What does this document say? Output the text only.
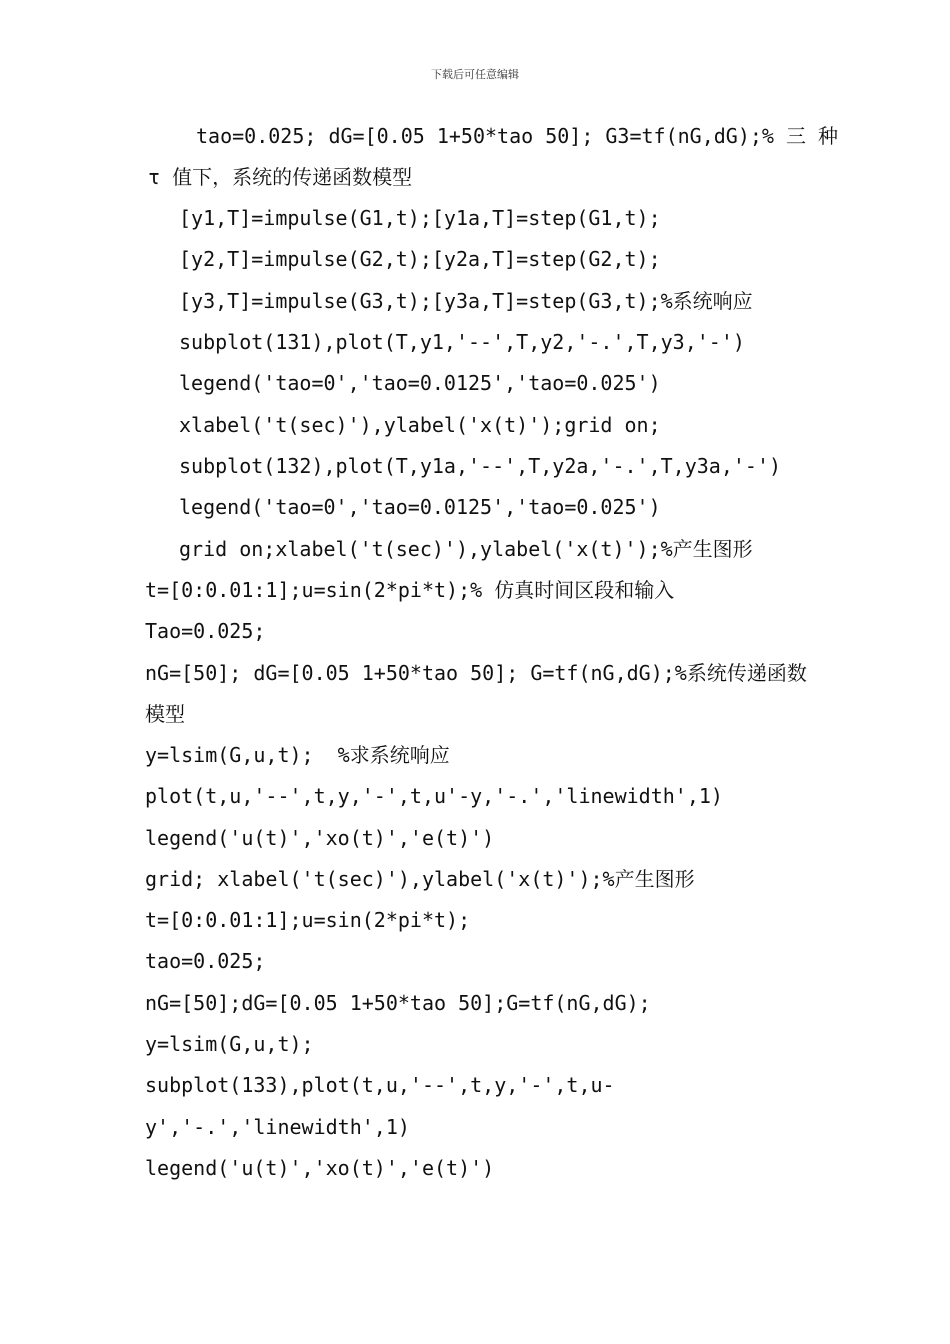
下载后可任意编辑

tao=0.025; dG=[0.05 1+50*tao 50]; G3=tf(nG,dG);% 三 种

τ 值下，系统的传递函数模型

[y1,T]=impulse(G1,t);[y1a,T]=step(G1,t);

[y2,T]=impulse(G2,t);[y2a,T]=step(G2,t);

[y3,T]=impulse(G3,t);[y3a,T]=step(G3,t);%系统响应

subplot(131),plot(T,y1,'--',T,y2,'-.',T,y3,'-')

legend('tao=0','tao=0.0125','tao=0.025')

xlabel('t(sec)'),ylabel('x(t)');grid on;

subplot(132),plot(T,y1a,'--',T,y2a,'-.',T,y3a,'-')

legend('tao=0','tao=0.0125','tao=0.025')

grid on;xlabel('t(sec)'),ylabel('x(t)');%产生图形

t=[0:0.01:1];u=sin(2*pi*t);% 仿真时间区段和输入

Tao=0.025;

nG=[50]; dG=[0.05 1+50*tao 50]; G=tf(nG,dG);%系统传递函数

模型

y=lsim(G,u,t);  %求系统响应

plot(t,u,'--',t,y,'-',t,u'-y,'-.','linewidth',1)

legend('u(t)','xo(t)','e(t)')

grid; xlabel('t(sec)'),ylabel('x(t)');%产生图形

t=[0:0.01:1];u=sin(2*pi*t);

tao=0.025;

nG=[50];dG=[0.05 1+50*tao 50];G=tf(nG,dG);

y=lsim(G,u,t);

subplot(133),plot(t,u,'--',t,y,'-',t,u-

y','-.','linewidth',1)

legend('u(t)','xo(t)','e(t)')
